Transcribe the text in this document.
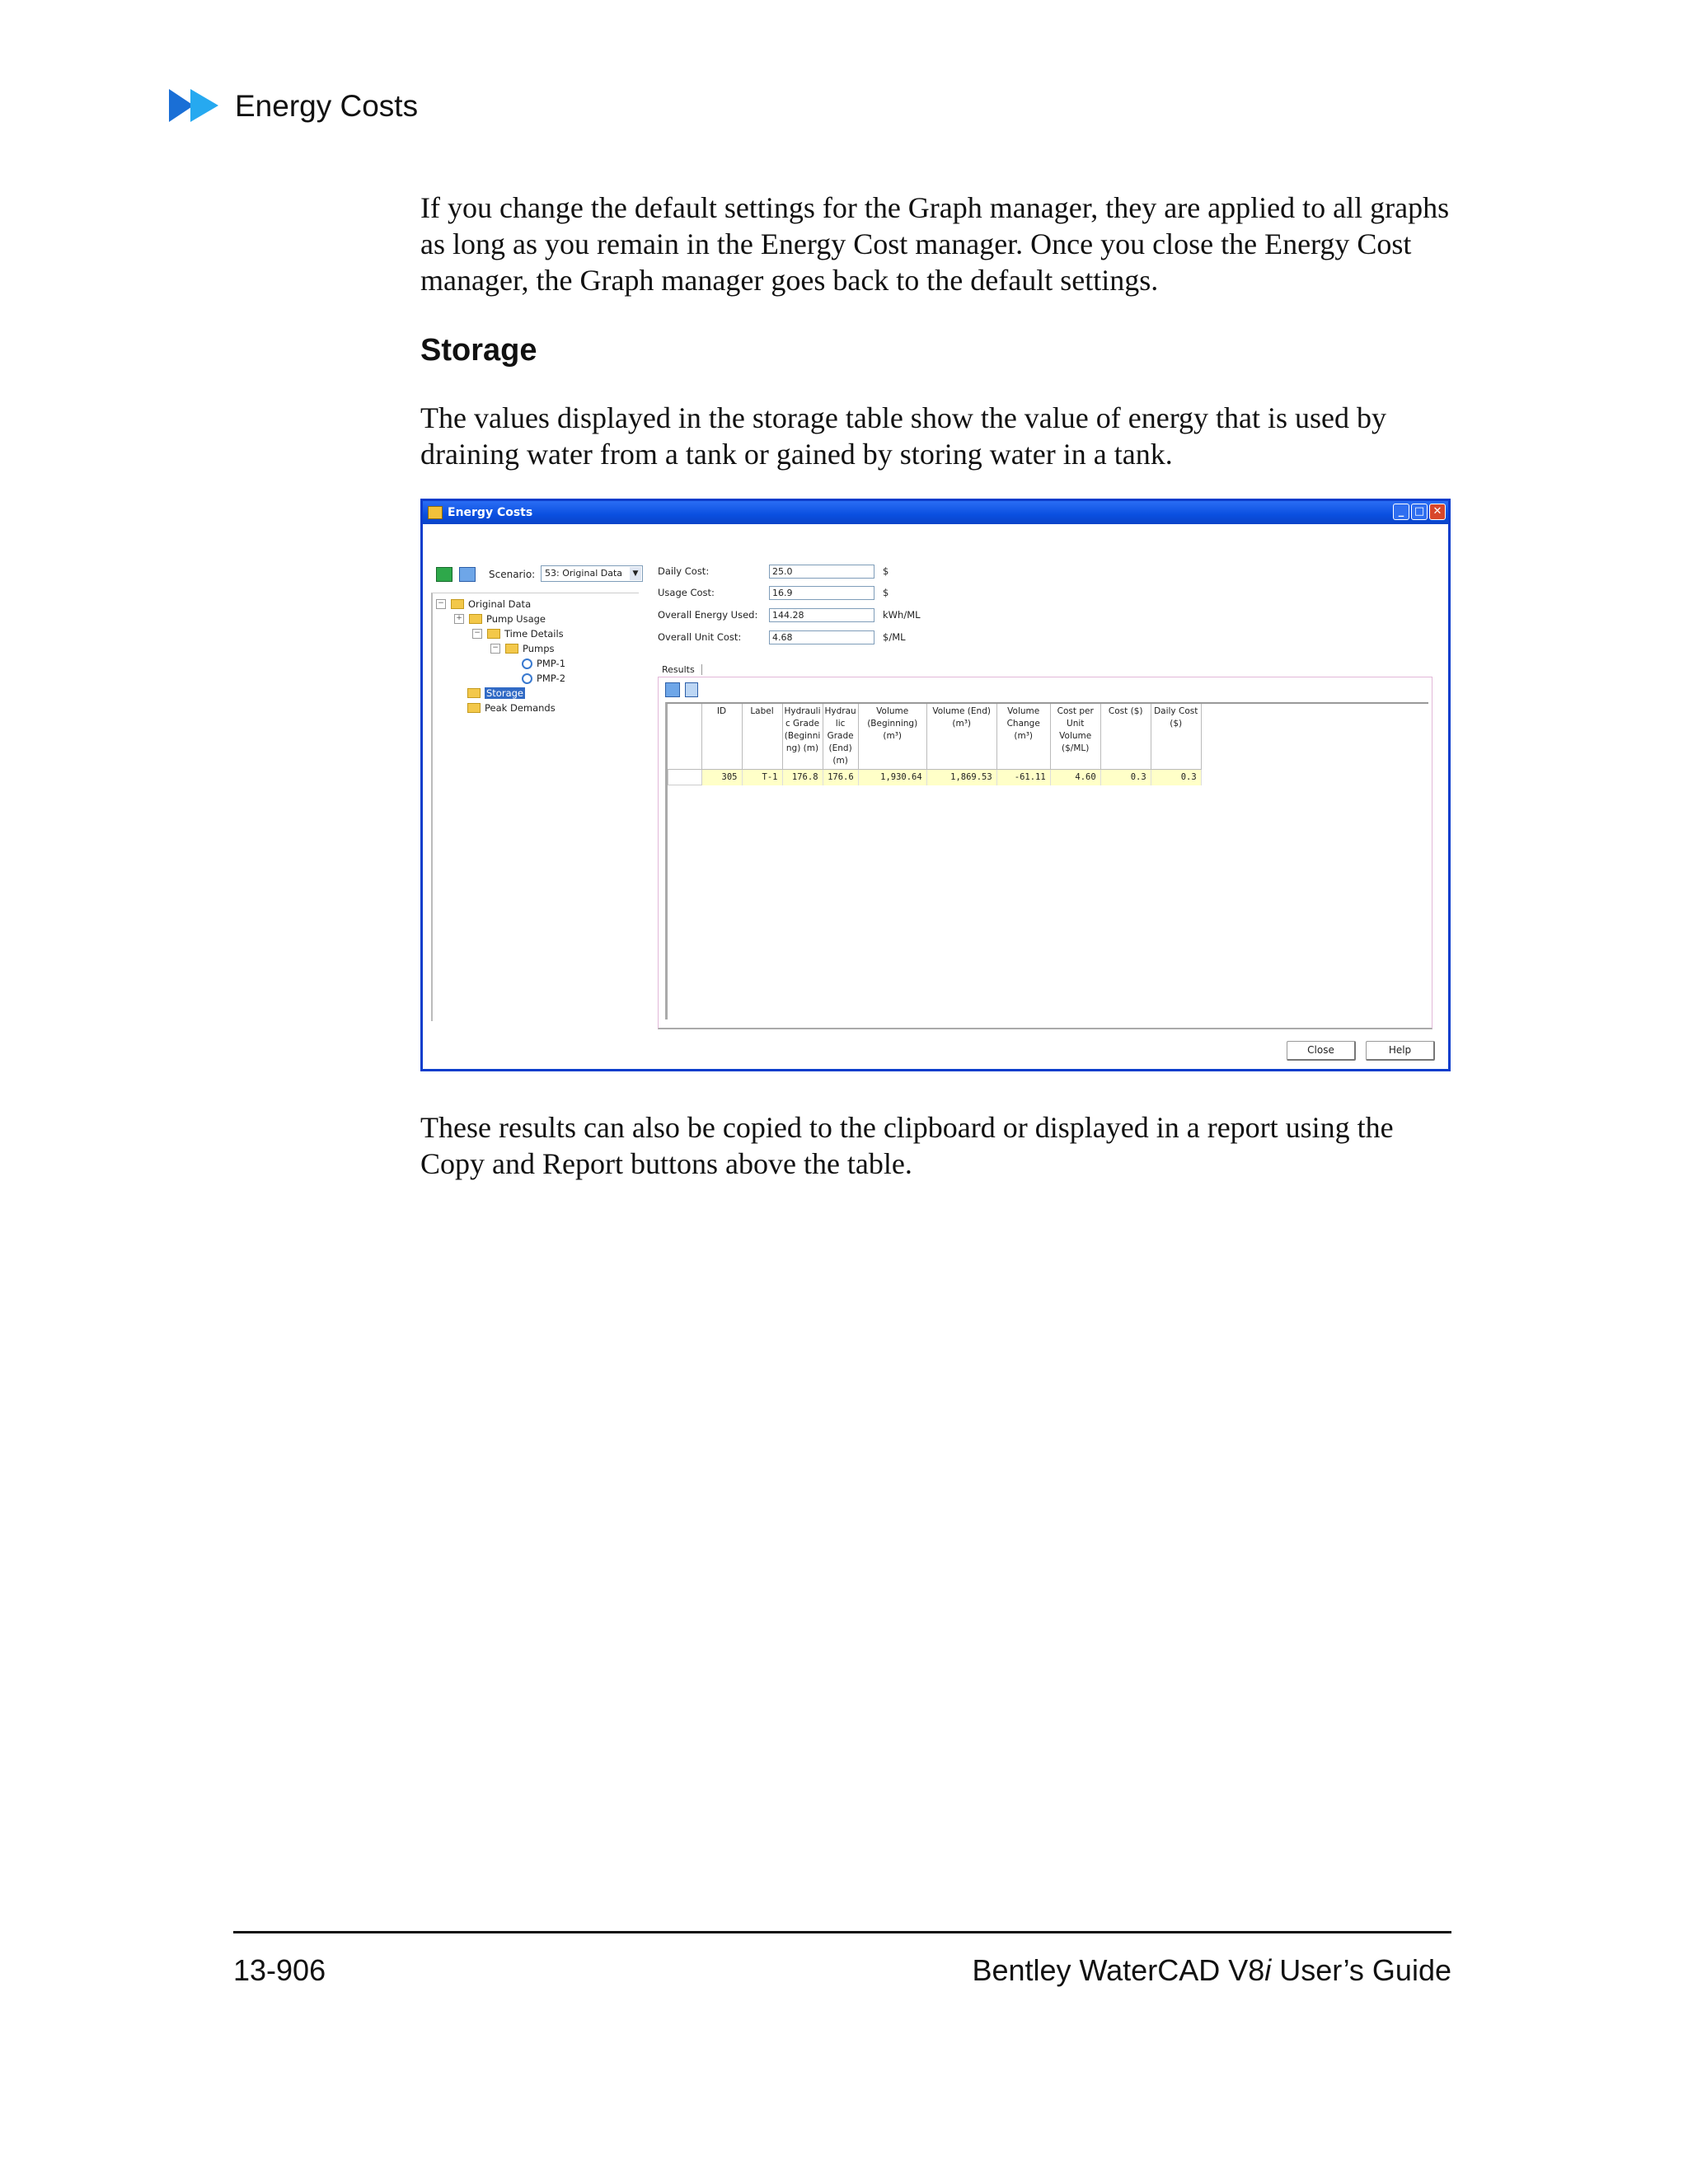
Energy Costs

If you change the default settings for the Graph manager, they are applied to all graphs as long as you remain in the Energy Cost manager. Once you close the Energy Cost manager, the Graph manager goes back to the default settings.

Storage

The values displayed in the storage table show the value of energy that is used by draining water from a tank or gained by storing water in a tank.

Energy Costs	_ □ ✕
Scenario:	53: Original Data	▼
−	Original Data
+	Pump Usage
−	Time Details
−	Pumps
PMP-1
PMP-2
Storage
Peak Demands
Daily Cost:	25.0	$
Usage Cost:	16.9	$
Overall Energy Used:	144.28	kWh/ML
Overall Unit Cost:	4.68	$/ML
Results
	ID	Label	Hydrauli c Grade (Beginni ng) (m)	Hydrau lic Grade (End) (m)	Volume (Beginning) (m³)	Volume (End) (m³)	Volume Change (m³)	Cost per Unit Volume ($/ML)	Cost ($)	Daily Cost ($)
	305	T-1	176.8	176.6	1,930.64	1,869.53	-61.11	4.60	0.3	0.3
Close	Help

These results can also be copied to the clipboard or displayed in a report using the Copy and Report buttons above the table.

13-906	Bentley WaterCAD V8i User’s Guide
